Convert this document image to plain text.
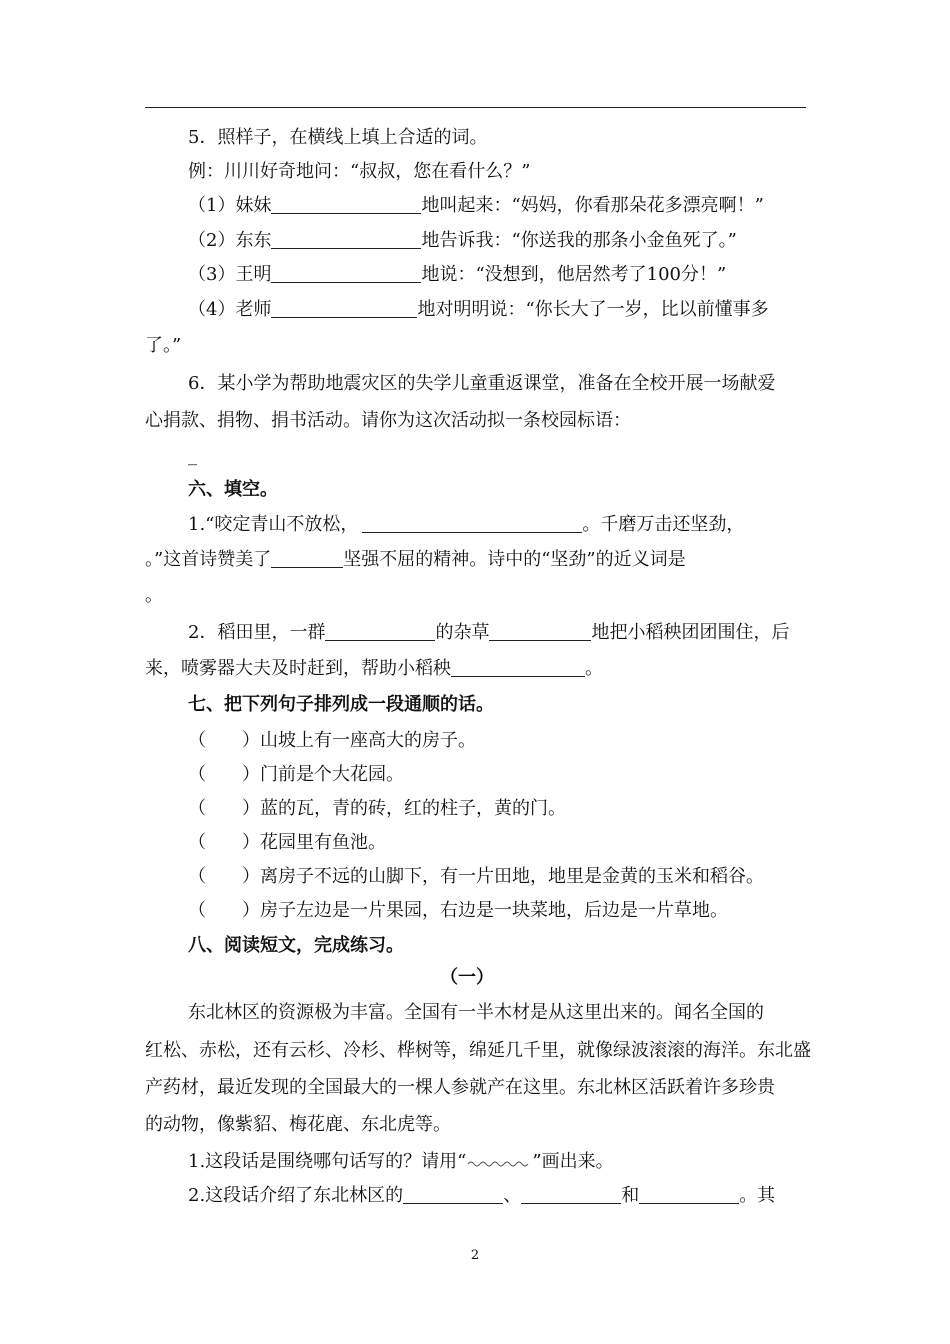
5．照样子，在横线上填上合适的词。
例：川川好奇地问：“叔叔，您在看什么？”
（1）妹妹	地叫起来：“妈妈，你看那朵花多漂亮啊！”
（2）东东	地告诉我：“你送我的那条小金鱼死了。”
（3）王明	地说：“没想到，他居然考了100分！”
（4）老师	地对明明说：“你长大了一岁，比以前懂事多
了。”
6．某小学为帮助地震灾区的失学儿童重返课堂，准备在全校开展一场献爱
心捐款、捐物、捐书活动。请你为这次活动拟一条校园标语：
_
六、填空。
1.“咬定青山不放松，	。千磨万击还坚劲，
。”这首诗赞美了	坚强不屈的精神。诗中的“坚劲”的近义词是
。
2．稻田里，一群	的杂草	地把小稻秧团团围住，后
来，喷雾器大夫及时赶到，帮助小稻秧	。
七、把下列句子排列成一段通顺的话。
（　　）山坡上有一座高大的房子。
（　　）门前是个大花园。
（　　）蓝的瓦，青的砖，红的柱子，黄的门。
（　　）花园里有鱼池。
（　　）离房子不远的山脚下，有一片田地，地里是金黄的玉米和稻谷。
（　　）房子左边是一片果园，右边是一块菜地，后边是一片草地。
八、阅读短文，完成练习。
（一）
东北林区的资源极为丰富。全国有一半木材是从这里出来的。闻名全国的
红松、赤松，还有云杉、冷杉、桦树等，绵延几千里，就像绿波滚滚的海洋。东北盛
产药材，最近发现的全国最大的一棵人参就产在这里。东北林区活跃着许多珍贵
的动物，像紫貂、梅花鹿、东北虎等。
1.这段话是围绕哪句话写的？请用“	”画出来。
2.这段话介绍了东北林区的	、	和	。其
2
